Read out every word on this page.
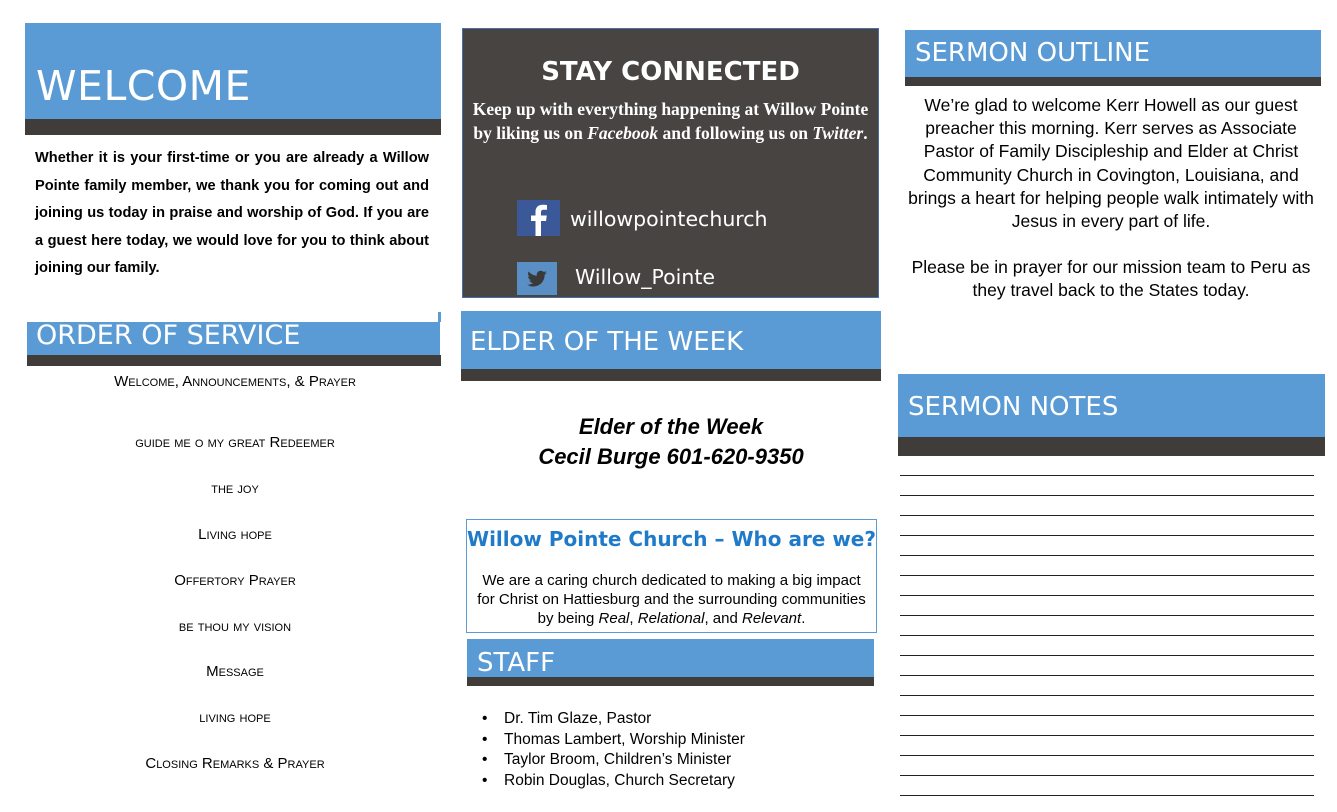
WELCOME
Whether it is your first-time or you are already a Willow Pointe family member, we thank you for coming out and joining us today in praise and worship of God. If you are a guest here today, we would love for you to think about joining our family.
ORDER OF SERVICE
Welcome, Announcements, & Prayer
guide me o my great Redeemer
the joy
Living hope
Offertory Prayer
be thou my vision
Message
living hope
Closing Remarks & Prayer
STAY CONNECTED
Keep up with everything happening at Willow Pointe by liking us on Facebook and following us on Twitter.
willowpointechurch
Willow_Pointe
ELDER OF THE WEEK
Elder of the Week
Cecil Burge 601-620-9350
Willow Pointe Church – Who are we?
We are a caring church dedicated to making a big impact for Christ on Hattiesburg and the surrounding communities by being Real, Relational, and Relevant.
STAFF
• Dr. Tim Glaze, Pastor
• Thomas Lambert, Worship Minister
• Taylor Broom, Children’s Minister
• Robin Douglas, Church Secretary
SERMON OUTLINE
We’re glad to welcome Kerr Howell as our guest preacher this morning. Kerr serves as Associate Pastor of Family Discipleship and Elder at Christ Community Church in Covington, Louisiana, and brings a heart for helping people walk intimately with Jesus in every part of life.
Please be in prayer for our mission team to Peru as they travel back to the States today.
SERMON NOTES
